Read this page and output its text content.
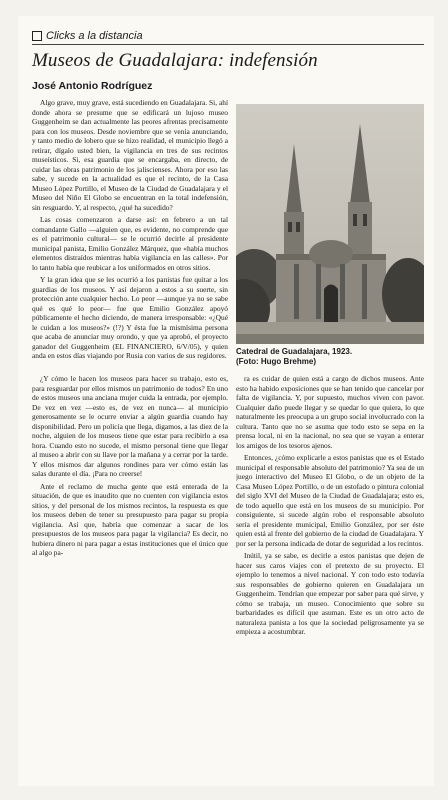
Clicks a la distancia
Museos de Guadalajara: indefensión
José Antonio Rodríguez

Algo grave, muy grave, está sucediendo en Guadalajara. Si, ahí donde ahora se presume que se edificará un lujoso museo Guggenheim se dan actualmente las peores afrentas precisamente para con los museos. Desde noviembre que se venía anunciando, y tanto medio de lobero que se hizo realidad, el municipio llegó a retirar, dígalo usted bien, la vigilancia en tres de sus recintos museísticos. Si, esa guardia que se encargaba, en directo, de cuidar las obras patrimonio de los jaliscienses. Ahora por eso las sabe, y sucede en la actualidad es que el recinto, de la Casa Museo López Portillo, el Museo de la Ciudad de Guadalajara y el Museo del Niño El Globo se encuentran en la total indefensión, sin resguardo. Y, al respecto, ¿qué ha sucedido?

Las cosas comenzaron a darse así: en febrero a un tal comandante Gallo —alguien que, es evidente, no comprende que es el patrimonio cultural— se le ocurrió decirle al presidente municipal panista, Emilio González Márquez, que «había muchos elementos distraídos mientras había vigilancia en las calles». Por lo tanto había que reubicar a los uniformados en otros sitios.

Y la gran idea que se les ocurrió a los panistas fue quitar a los guardias de los museos. Y así dejaron a estos a su suerte, sin protección ante cualquier hecho. Lo peor —aunque ya no se sabe qué es qué lo peor— fue que Emilio González apoyó públicamente el hecho diciendo, de manera irresponsable: «¿Qué le cuidan a los museos?» (!?) Y ésta fue la mismísima persona que acaba de anunciar muy orondo, y que ya aprobó, el proyecto ganador del Guggenheim (EL FINANCIERO, 6/V/05), y quien anda en estos días viajando por Rusia con varios de sus regidores. Catedral de Guadalajara, 1923.
(Foto: Hugo Brehme)

¿Y cómo le hacen los museos para hacer su trabajo, esto es, para resguardar por ellos mismos un patrimonio de todos? En uno de estos museos una anciana mujer cuida la entrada, por ejemplo. De vez en vez —esto es, de vez en nunca— al municipio generosamente se le ocurre enviar a algún guardia cuando hay disponibilidad. Pero un policía que llega, digamos, a las diez de la noche, alguien de los museos tiene que estar para recibirlo a esa hora. Cuando esto no sucede, el mismo personal tiene que llegar al museo a abrir con su llave por la mañana y a cerrar por la tarde. Y ellos mismos dar algunos rondines para ver cómo están las salas durante el día. ¡Para no creerse!

Ante el reclamo de mucha gente que está enterada de la situación, de que es inaudito que no cuenten con vigilancia estos sitios, y del personal de los mismos recintos, la respuesta es que los museos deben de tener su presupuesto para pagar su propia vigilancia. Así que, habría que comenzar a sacar de los presupuestos de los museos para pagar la vigilancia? Es decir, no hubiera dinero ni para pagar a estas instituciones que el único que al algo pa-

ra es cuidar de quien está a cargo de dichos museos. Ante esto ha habido exposiciones que se han tenido que cancelar por falta de vigilancia. Y, por supuesto, muchos viven con pavor. Cualquier daño puede llegar y se quedar lo que quiera, lo que naturalmente les preocupa a un grupo social involucrado con la cultura. Tanto que no se asuma que todo esto se sepa en la prensa local, ni en la nacional, no sea que se vayan a enterar los amigos de los tesoros ajenos.

Entonces, ¿cómo explicarle a estos panistas que es el Estado municipal el responsable absoluto del patrimonio? Ya sea de un juego interactivo del Museo El Globo, o de un objeto de la Casa Museo López Portillo, o de un estofado o pintura colonial del siglo XVI del Museo de la Ciudad de Guadalajara; esto es, de todo aquello que está en los museos de su municipio. Por consiguiente, si sucede algún robo el responsable absoluto sería el presidente municipal, Emilio González, por ser éste quien está al frente del gobierno de la ciudad de Guadalajara. Y por ser la persona indicada de dotar de seguridad a los recintos.

Inútil, ya se sabe, es decirle a estos panistas que dejen de hacer sus caros viajes con el pretexto de su proyecto. El ejemplo lo tenemos a nivel nacional. Y con todo esto todavía sus responsables de gobierno quieren en Guadalajara un Guggenheim. Tendrían que empezar por saber para qué sirve, y cómo se trabaja, un museo. Conocimiento que sobre su barbaridades es difícil que asuman. Este es un otro acto de naturaleza panista a los que la sociedad peligrosamente ya se empieza a acostumbrar.
